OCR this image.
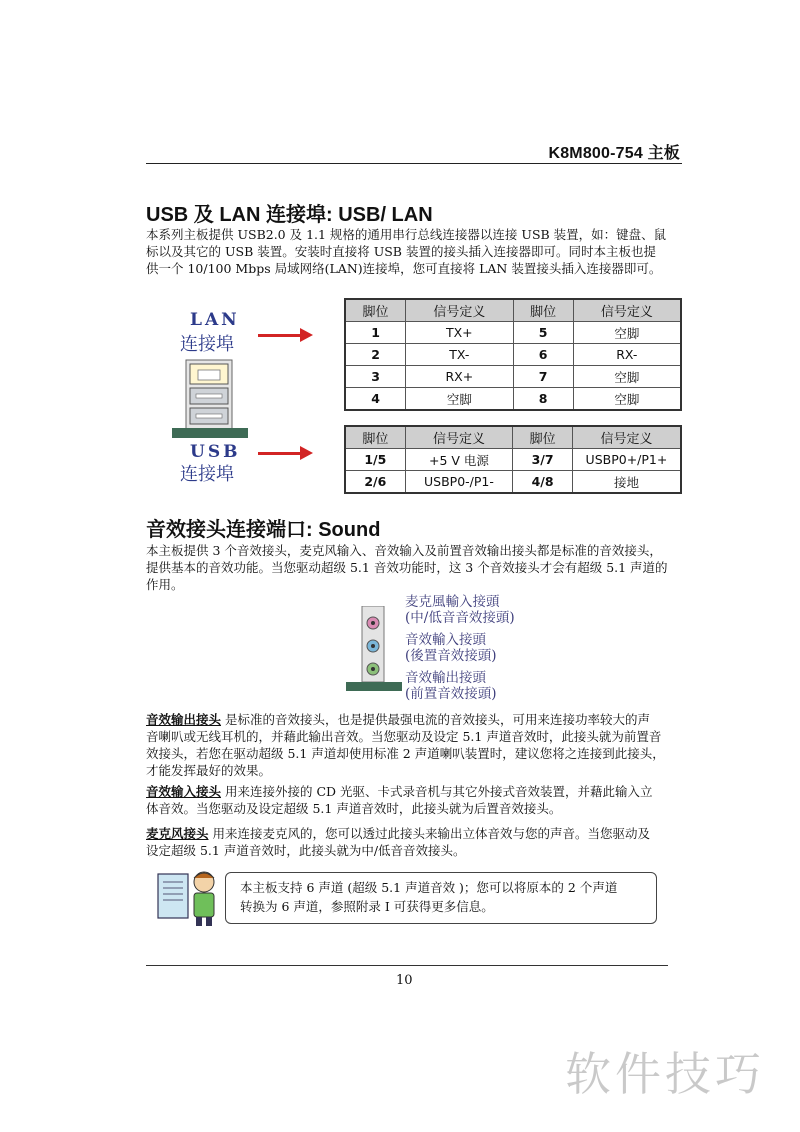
K8M800-754 主板
USB 及 LAN 连接埠: USB/ LAN
本系列主板提供 USB2.0 及 1.1 规格的通用串行总线连接器以连接 USB 装置，如：键盘、鼠
标以及其它的 USB 装置。安装时直接将 USB 装置的接头插入连接器即可。同时本主板也提
供一个 10/100 Mbps 局域网络(LAN)连接埠，您可直接将 LAN 装置接头插入连接器即可。
LAN
连接埠
USB
连接埠
脚位	信号定义	脚位	信号定义
1	TX+	5	空脚
2	TX-	6	RX-
3	RX+	7	空脚
4	空脚	8	空脚
脚位	信号定义	脚位	信号定义
1/5	+5 V 电源	3/7	USBP0+/P1+
2/6	USBP0-/P1-	4/8	接地
音效接头连接端口: Sound
本主板提供 3 个音效接头，麦克风输入、音效输入及前置音效输出接头都是标准的音效接头，
提供基本的音效功能。当您驱动超级 5.1 音效功能时，这 3 个音效接头才会有超级 5.1 声道的
作用。
麦克風輸入接頭
(中/低音音效接頭)
音效輸入接頭
(後置音效接頭)
音效輸出接頭
(前置音效接頭)
音效输出接头 是标准的音效接头，也是提供最强电流的音效接头，可用来连接功率较大的声
音喇叭或无线耳机的，并藉此输出音效。当您驱动及设定 5.1 声道音效时，此接头就为前置音
效接头，若您在驱动超级 5.1 声道却使用标准 2 声道喇叭装置时，建议您将之连接到此接头，
才能发挥最好的效果。
音效输入接头 用来连接外接的 CD 光驱、卡式录音机与其它外接式音效装置，并藉此输入立
体音效。当您驱动及设定超级 5.1 声道音效时，此接头就为后置音效接头。
麦克风接头 用来连接麦克风的，您可以透过此接头来输出立体音效与您的声音。当您驱动及
设定超级 5.1 声道音效时，此接头就为中/低音音效接头。
本主板支持 6 声道 (超级 5.1 声道音效 )；您可以将原本的 2 个声道
转换为 6 声道，参照附录 I 可获得更多信息。
10
软件技巧
